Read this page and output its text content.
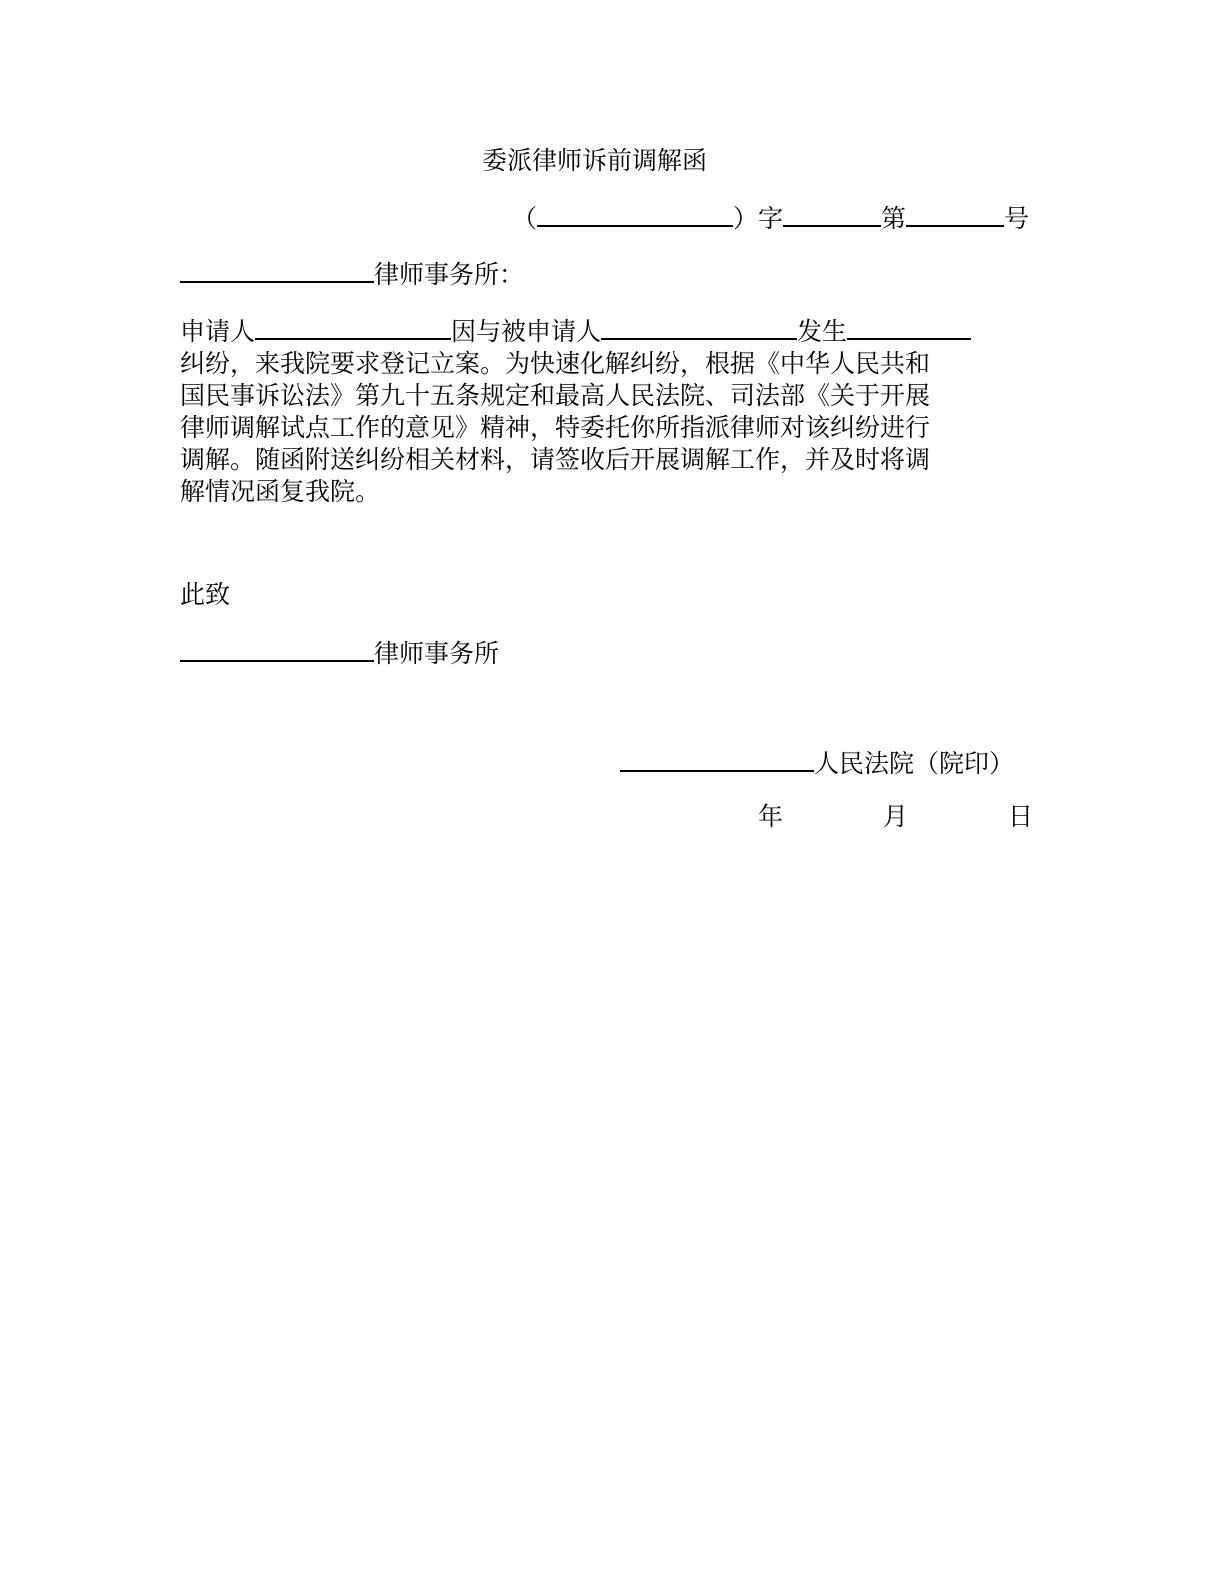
委派律师诉前调解函
（	）字	第	号
律师事务所：
申请人	因与被申请人	发生
纠纷，来我院要求登记立案。为快速化解纠纷，根据《中华人民共和
国民事诉讼法》第九十五条规定和最高人民法院、司法部《关于开展
律师调解试点工作的意见》精神，特委托你所指派律师对该纠纷进行
调解。随函附送纠纷相关材料，请签收后开展调解工作，并及时将调
解情况函复我院。
此致
律师事务所
人民法院（院印）
年	月	日
